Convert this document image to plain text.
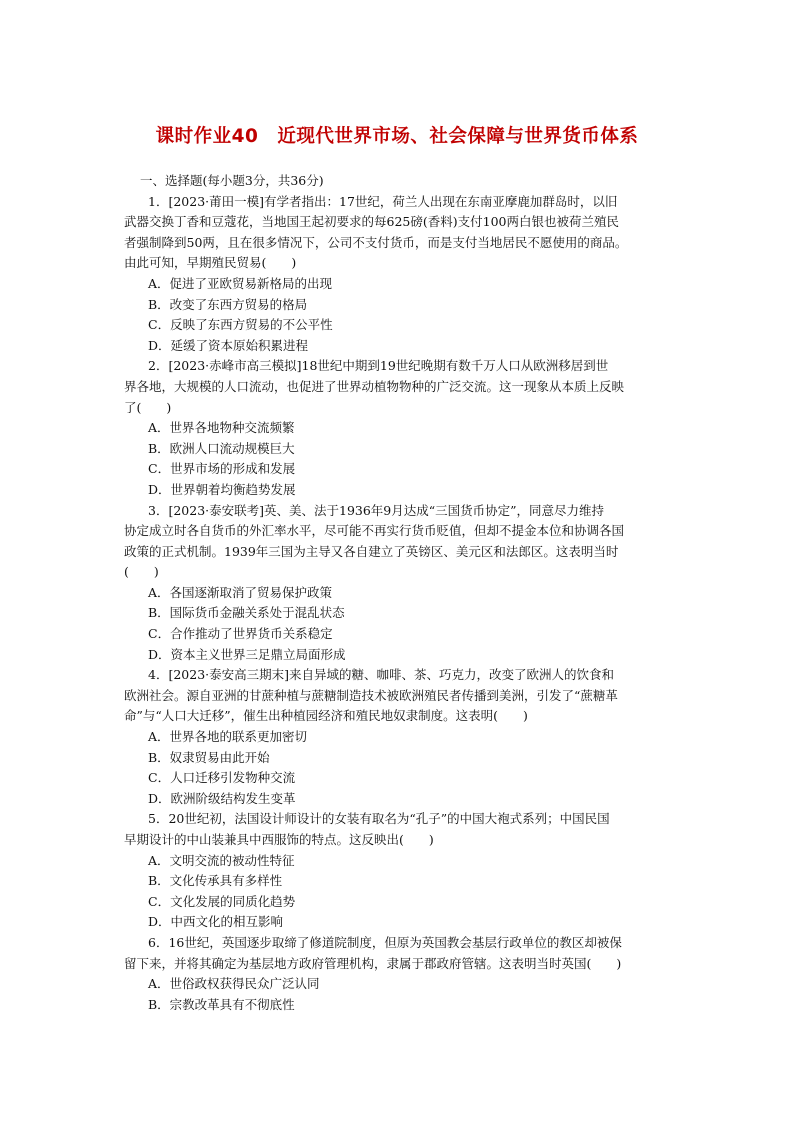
课时作业40　近现代世界市场、社会保障与世界货币体系
一、选择题(每小题3分，共36分)
1．[2023·莆田一模]有学者指出：17世纪，荷兰人出现在东南亚摩鹿加群岛时，以旧
武器交换丁香和豆蔻花，当地国王起初要求的每625磅(香料)支付100两白银也被荷兰殖民
者强制降到50两，且在很多情况下，公司不支付货币，而是支付当地居民不愿使用的商品。
由此可知，早期殖民贸易(　　)
A．促进了亚欧贸易新格局的出现
B．改变了东西方贸易的格局
C．反映了东西方贸易的不公平性
D．延缓了资本原始积累进程
2．[2023·赤峰市高三模拟]18世纪中期到19世纪晚期有数千万人口从欧洲移居到世
界各地，大规模的人口流动，也促进了世界动植物物种的广泛交流。这一现象从本质上反映
了(　　)
A．世界各地物种交流频繁
B．欧洲人口流动规模巨大
C．世界市场的形成和发展
D．世界朝着均衡趋势发展
3．[2023·泰安联考]英、美、法于1936年9月达成“三国货币协定”，同意尽力维持
协定成立时各自货币的外汇率水平，尽可能不再实行货币贬值，但却不提金本位和协调各国
政策的正式机制。1939年三国为主导又各自建立了英镑区、美元区和法郎区。这表明当时
(　　)
A．各国逐渐取消了贸易保护政策
B．国际货币金融关系处于混乱状态
C．合作推动了世界货币关系稳定
D．资本主义世界三足鼎立局面形成
4．[2023·泰安高三期末]来自异域的糖、咖啡、茶、巧克力，改变了欧洲人的饮食和
欧洲社会。源自亚洲的甘蔗种植与蔗糖制造技术被欧洲殖民者传播到美洲，引发了“蔗糖革
命”与“人口大迁移”，催生出种植园经济和殖民地奴隶制度。这表明(　　)
A．世界各地的联系更加密切
B．奴隶贸易由此开始
C．人口迁移引发物种交流
D．欧洲阶级结构发生变革
5．20世纪初，法国设计师设计的女装有取名为“孔子”的中国大袍式系列；中国民国
早期设计的中山装兼具中西服饰的特点。这反映出(　　)
A．文明交流的被动性特征
B．文化传承具有多样性
C．文化发展的同质化趋势
D．中西文化的相互影响
6．16世纪，英国逐步取缔了修道院制度，但原为英国教会基层行政单位的教区却被保
留下来，并将其确定为基层地方政府管理机构，隶属于郡政府管辖。这表明当时英国(　　)
A．世俗政权获得民众广泛认同
B．宗教改革具有不彻底性
